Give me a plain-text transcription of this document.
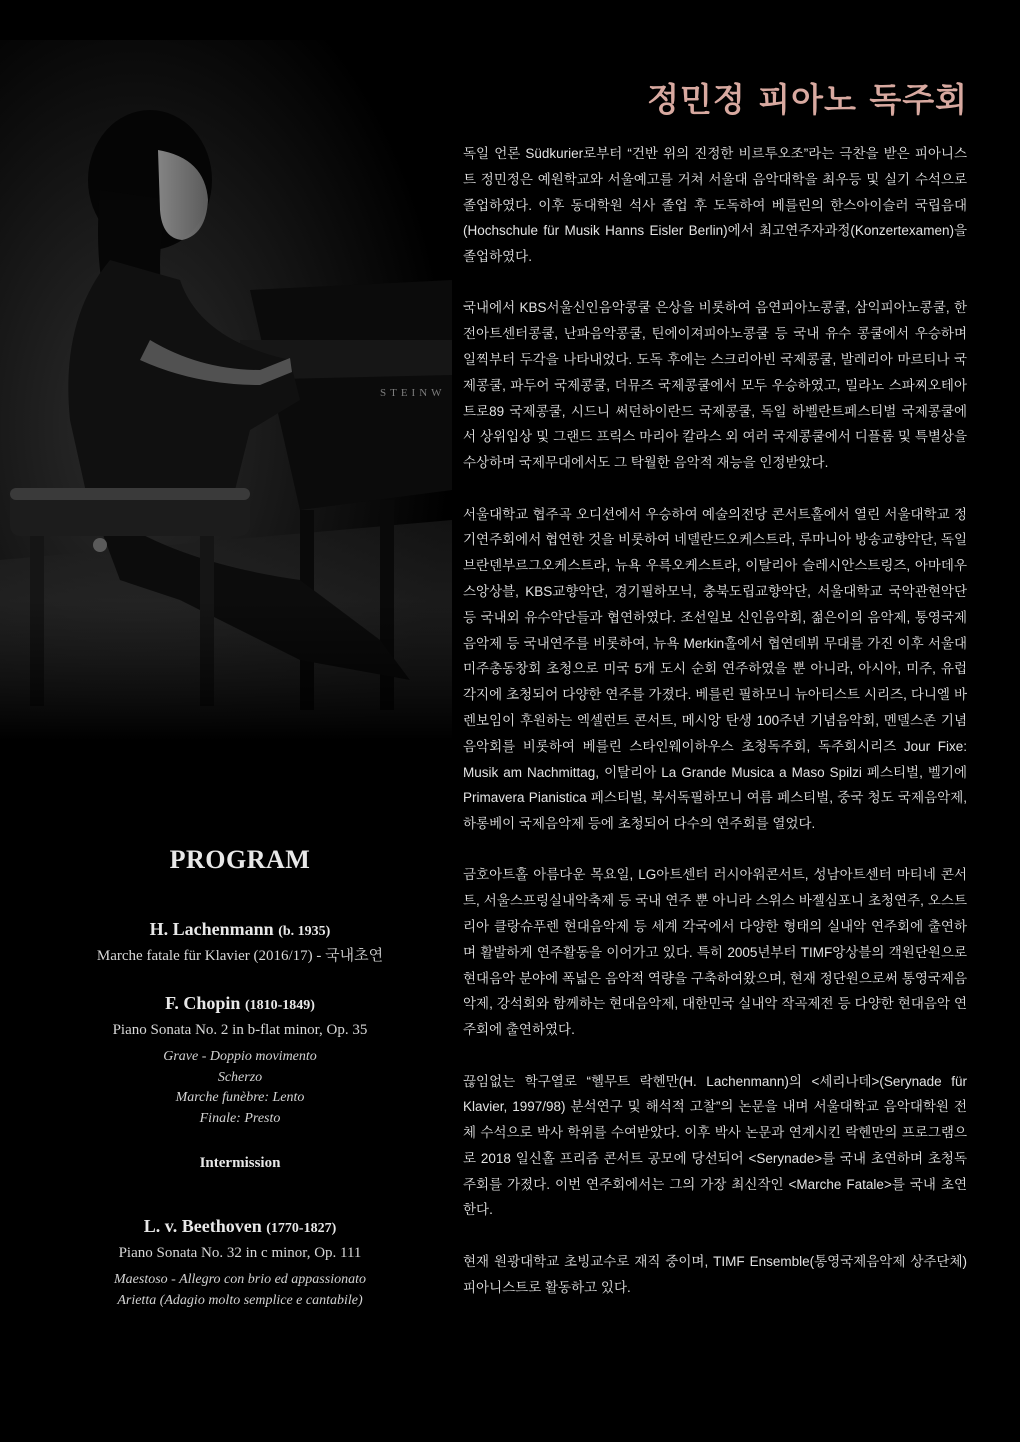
STEINW
정민정 피아노 독주회

독일 언론 Südkurier로부터 “건반 위의 진정한 비르투오조”라는 극찬을 받은 피아니스트 정민정은 예원학교와 서울예고를 거쳐 서울대 음악대학을 최우등 및 실기 수석으로 졸업하였다. 이후 동대학원 석사 졸업 후 도독하여 베를린의 한스아이슬러 국립음대(Hochschule für Musik Hanns Eisler Berlin)에서 최고연주자과정(Konzertexamen)을 졸업하였다.

국내에서 KBS서울신인음악콩쿨 은상을 비롯하여 음연피아노콩쿨, 삼익피아노콩쿨, 한전아트센터콩쿨, 난파음악콩쿨, 틴에이져피아노콩쿨 등 국내 유수 콩쿨에서 우승하며 일찍부터 두각을 나타내었다. 도독 후에는 스크리아빈 국제콩쿨, 발레리아 마르티나 국제콩쿨, 파두어 국제콩쿨, 더뮤즈 국제콩쿨에서 모두 우승하였고, 밀라노 스파찌오테아트로89 국제콩쿨, 시드니 써던하이란드 국제콩쿨, 독일 하벨란트페스티벌 국제콩쿨에서 상위입상 및 그랜드 프릭스 마리아 칼라스 외 여러 국제콩쿨에서 디플롬 및 특별상을 수상하며 국제무대에서도 그 탁월한 음악적 재능을 인정받았다.

서울대학교 협주곡 오디션에서 우승하여 예술의전당 콘서트홀에서 열린 서울대학교 정기연주회에서 협연한 것을 비롯하여 네델란드오케스트라, 루마니아 방송교향악단, 독일 브란덴부르그오케스트라, 뉴욕 우륵오케스트라, 이탈리아 슬레시안스트링즈, 아마데우스앙상블, KBS교향악단, 경기필하모닉, 충북도립교향악단, 서울대학교 국악관현악단 등 국내외 유수악단들과 협연하였다. 조선일보 신인음악회, 젊은이의 음악제, 통영국제음악제 등 국내연주를 비롯하여, 뉴욕 Merkin홀에서 협연데뷔 무대를 가진 이후 서울대 미주총동창회 초청으로 미국 5개 도시 순회 연주하였을 뿐 아니라, 아시아, 미주, 유럽 각지에 초청되어 다양한 연주를 가졌다. 베를린 필하모니 뉴아티스트 시리즈, 다니엘 바렌보임이 후원하는 엑셀런트 콘서트, 메시앙 탄생 100주년 기념음악회, 멘델스존 기념음악회를 비롯하여 베를린 스타인웨이하우스 초청독주회, 독주회시리즈 Jour Fixe: Musik am Nachmittag, 이탈리아 La Grande Musica a Maso Spilzi 페스티벌, 벨기에 Primavera Pianistica 페스티벌, 북서독필하모니 여름 페스티벌, 중국 청도 국제음악제, 하롱베이 국제음악제 등에 초청되어 다수의 연주회를 열었다.

금호아트홀 아름다운 목요일, LG아트센터 러시아워콘서트, 성남아트센터 마티네 콘서트, 서울스프링실내악축제 등 국내 연주 뿐 아니라 스위스 바젤심포니 초청연주, 오스트리아 클랑슈푸렌 현대음악제 등 세계 각국에서 다양한 형태의 실내악 연주회에 출연하며 활발하게 연주활동을 이어가고 있다. 특히 2005년부터 TIMF앙상블의 객원단원으로 현대음악 분야에 폭넓은 음악적 역량을 구축하여왔으며, 현재 정단원으로써 통영국제음악제, 강석회와 함께하는 현대음악제, 대한민국 실내악 작곡제전 등 다양한 현대음악 연주회에 출연하였다.

끊임없는 학구열로 “헬무트 락헨만(H. Lachenmann)의 <세리나데>(Serynade für Klavier, 1997/98) 분석연구 및 해석적 고찰”의 논문을 내며 서울대학교 음악대학원 전체 수석으로 박사 학위를 수여받았다. 이후 박사 논문과 연계시킨 락헨만의 프로그램으로 2018 일신홀 프리즘 콘서트 공모에 당선되어 <Serynade>를 국내 초연하며 초청독주회를 가졌다. 이번 연주회에서는 그의 가장 최신작인 <Marche Fatale>를 국내 초연한다.

현재 원광대학교 초빙교수로 재직 중이며, TIMF Ensemble(통영국제음악제 상주단체) 피아니스트로 활동하고 있다.

PROGRAM

H. Lachenmann (b. 1935)

Marche fatale für Klavier (2016/17) - 국내초연

F. Chopin (1810-1849)

Piano Sonata No. 2 in b-flat minor, Op. 35

Grave - Doppio movimento
Scherzo
Marche funèbre: Lento
Finale: Presto
Intermission

L. v. Beethoven (1770-1827)

Piano Sonata No. 32 in c minor, Op. 111

Maestoso - Allegro con brio ed appassionato
Arietta (Adagio molto semplice e cantabile)
